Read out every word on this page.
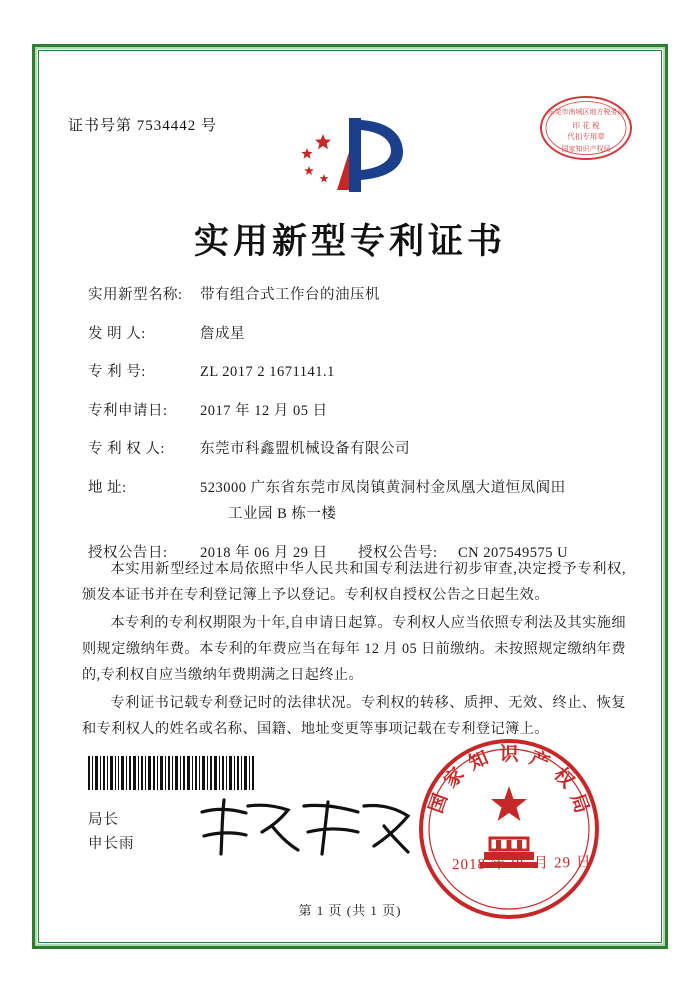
证书号第 7534442 号
东莞市南城区地方税务局
印 花 税
代扣专用章
国家知识产权局
实用新型专利证书
实用新型名称:	带有组合式工作台的油压机
发 明 人:	詹成星
专 利 号:	ZL 2017 2 1671141.1
专利申请日:	2017 年 12 月 05 日
专 利 权 人:	东莞市科鑫盟机械设备有限公司
地 址:	523000 广东省东莞市凤岗镇黄洞村金凤凰大道恒凤阆田
工业园 B 栋一楼
授权公告日:	2018 年 06 月 29 日	授权公告号:	CN 207549575 U

本实用新型经过本局依照中华人民共和国专利法进行初步审查,决定授予专利权,颁发本证书并在专利登记簿上予以登记。专利权自授权公告之日起生效。

本专利的专利权期限为十年,自申请日起算。专利权人应当依照专利法及其实施细则规定缴纳年费。本专利的年费应当在每年 12 月 05 日前缴纳。未按照规定缴纳年费的,专利权自应当缴纳年费期满之日起终止。

专利证书记载专利登记时的法律状况。专利权的转移、质押、无效、终止、恢复和专利权人的姓名或名称、国籍、地址变更等事项记载在专利登记簿上。

局长
申长雨
国
家
知 识 产
权
局
2018 年 06 月 29 日
第 1 页 (共 1 页)
